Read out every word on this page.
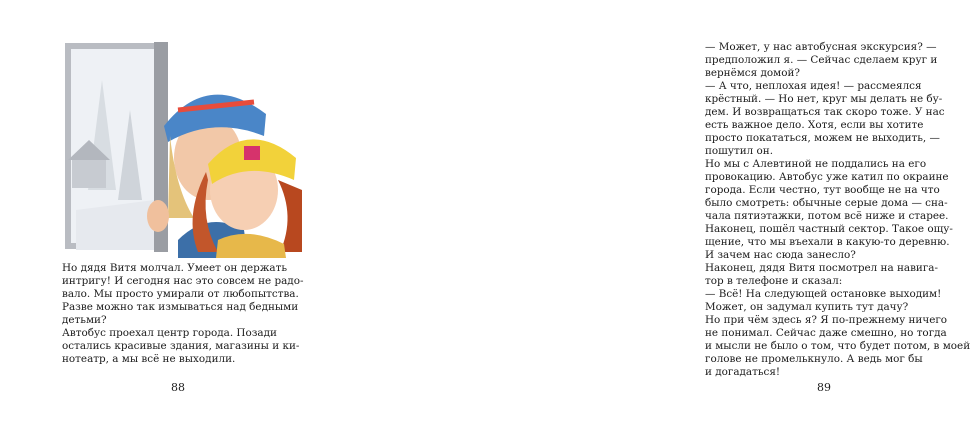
Но дядя Витя молчал. Умеет он держать

интригу! И сегодня нас это совсем не радо-

вало. Мы просто умирали от любопытства.

Разве можно так измываться над бедными

детьми?

Автобус проехал центр города. Позади

остались красивые здания, магазины и ки-

нотеатр, а мы всё не выходили.

88

— Может, у нас автобусная экскурсия? —

предположил я. — Сейчас сделаем круг и

вернёмся домой?

— А что, неплохая идея! — рассмеялся

крёстный. — Но нет, круг мы делать не бу-

дем. И возвращаться так скоро тоже. У нас

есть важное дело. Хотя, если вы хотите

просто покататься, можем не выходить, —

пошутил он.

Но мы с Алевтиной не поддались на его

провокацию. Автобус уже катил по окраине

города. Если честно, тут вообще не на что

было смотреть: обычные серые дома — сна-

чала пятиэтажки, потом всё ниже и старее.

Наконец, пошёл частный сектор. Такое ощу-

щение, что мы въехали в какую-то деревню.

И зачем нас сюда занесло?

Наконец, дядя Витя посмотрел на навига-

тор в телефоне и сказал:

— Всё! На следующей остановке выходим!

Может, он задумал купить тут дачу?

Но при чём здесь я? Я по-прежнему ничего

не понимал. Сейчас даже смешно, но тогда

и мысли не было о том, что будет потом, в моей

голове не промелькнуло. А ведь мог бы

и догадаться!

89
